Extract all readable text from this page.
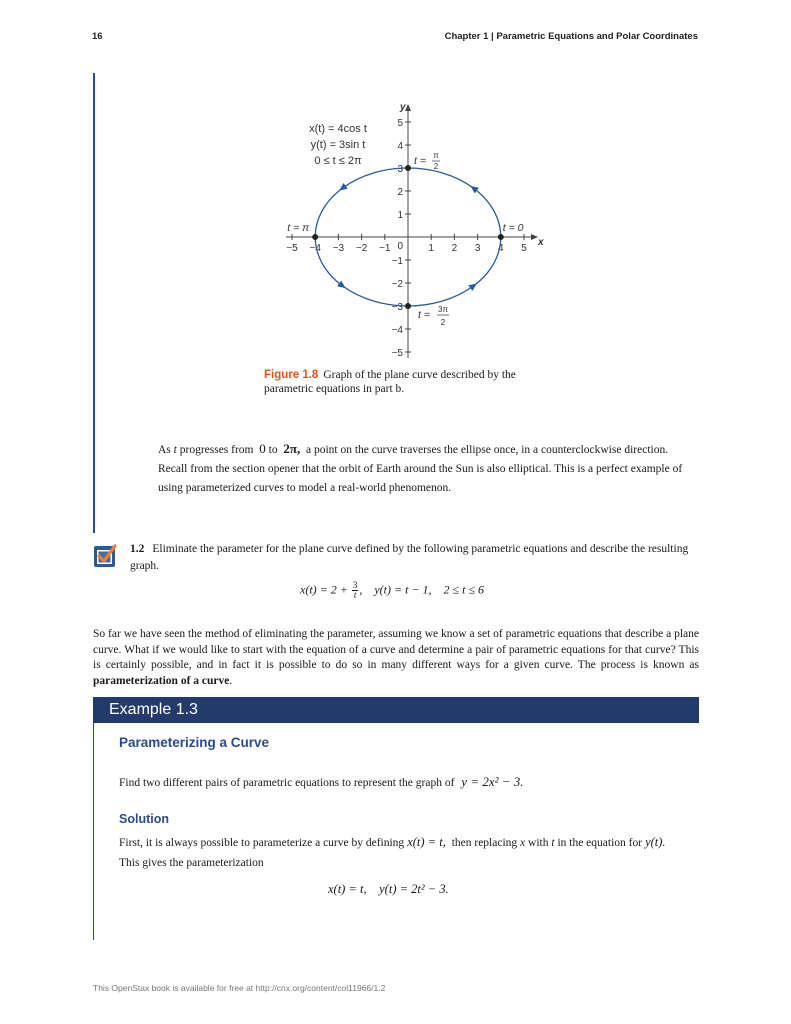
16	Chapter 1 | Parametric Equations and Polar Coordinates
x
y
0
−5 −4 −3 −2 −1	1 2 3 4 5
−5
−4
−3
−2
−1
1
2
3
4
5
t = 0
t = π
t = π
2
t = 3π
2
x(t) = 4cos t
y(t) = 3sin t
0 ≤ t ≤ 2π
Figure 1.8 Graph of the plane curve described by the parametric equations in part b.
As t progresses from  0 to  2π,  a point on the curve traverses the ellipse once, in a counterclockwise direction. Recall from the section opener that the orbit of Earth around the Sun is also elliptical. This is a perfect example of using parameterized curves to model a real-world phenomenon.
1.2 Eliminate the parameter for the plane curve defined by the following parametric equations and describe the resulting graph.
$x(t) = 2 + \frac{3}{t}$ ,    y(t) = t − 1,    2 ≤ t ≤ 6
So far we have seen the method of eliminating the parameter, assuming we know a set of parametric equations that describe a plane curve. What if we would like to start with the equation of a curve and determine a pair of parametric equations for that curve? This is certainly possible, and in fact it is possible to do so in many different ways for a given curve. The process is known as parameterization of a curve.
Example 1.3
Parameterizing a Curve
Find two different pairs of parametric equations to represent the graph of y = 2x² − 3.
Solution
First, it is always possible to parameterize a curve by defining x(t) = t, then replacing x with t in the equation for y(t). This gives the parameterization
x(t) = t,    y(t) = 2t² − 3.
This OpenStax book is available for free at http://cnx.org/content/col11966/1.2
